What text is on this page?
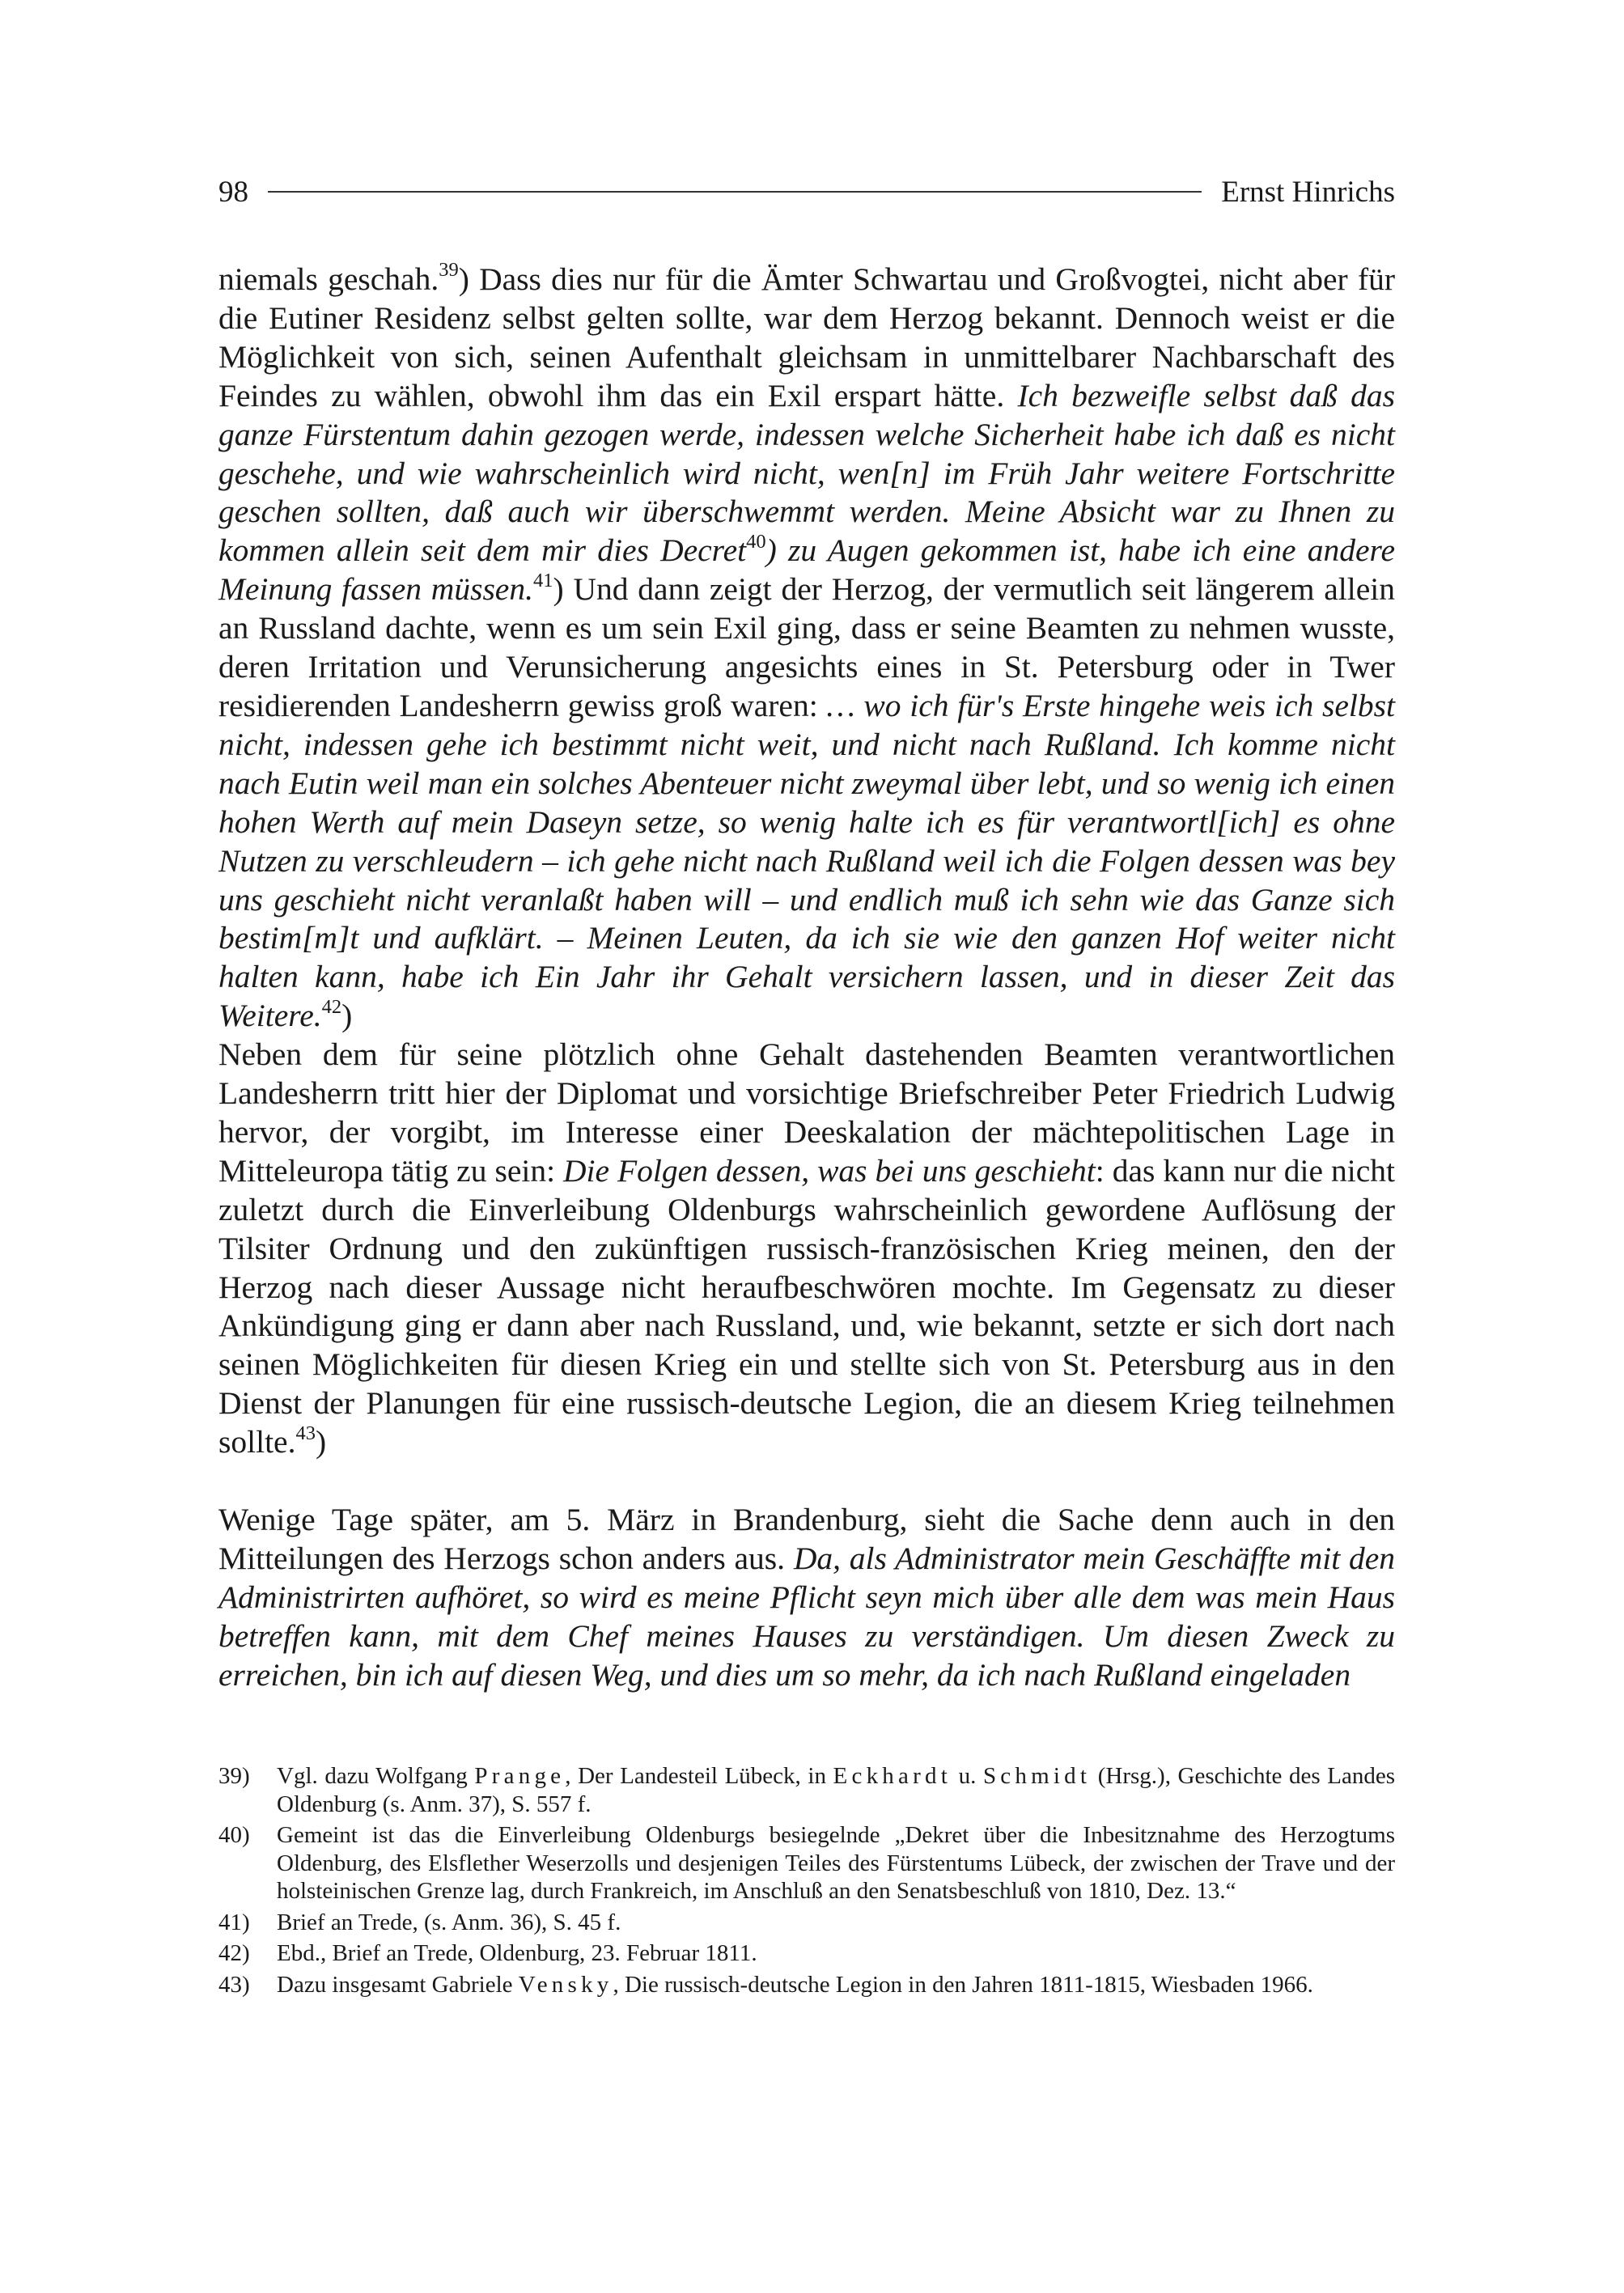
98	Ernst Hinrichs

niemals geschah.$^{39}$) Dass dies nur für die Ämter Schwartau und Großvogtei, nicht aber für die Eutiner Residenz selbst gelten sollte, war dem Herzog bekannt. Dennoch weist er die Möglichkeit von sich, seinen Aufenthalt gleichsam in unmittelbarer Nachbarschaft des Feindes zu wählen, obwohl ihm das ein Exil erspart hätte. Ich bezweifle selbst daß das ganze Fürstentum dahin gezogen werde, indessen welche Sicherheit habe ich daß es nicht geschehe, und wie wahrscheinlich wird nicht, wen[n] im Früh Jahr weitere Fortschritte geschen sollten, daß auch wir überschwemmt werden. Meine Absicht war zu Ihnen zu kommen allein seit dem mir dies Decret$^{40}$) zu Augen gekommen ist, habe ich eine andere Meinung fassen müssen.$^{41}$) Und dann zeigt der Herzog, der vermutlich seit längerem allein an Russland dachte, wenn es um sein Exil ging, dass er seine Beamten zu nehmen wusste, deren Irritation und Verunsicherung angesichts eines in St. Petersburg oder in Twer residierenden Landesherrn gewiss groß waren: … wo ich für's Erste hingehe weis ich selbst nicht, indessen gehe ich bestimmt nicht weit, und nicht nach Rußland. Ich komme nicht nach Eutin weil man ein solches Abenteuer nicht zweymal über lebt, und so wenig ich einen hohen Werth auf mein Daseyn setze, so wenig halte ich es für verantwortl[ich] es ohne Nutzen zu verschleudern – ich gehe nicht nach Rußland weil ich die Folgen dessen was bey uns geschieht nicht veranlaßt haben will – und endlich muß ich sehn wie das Ganze sich bestim[m]t und aufklärt. – Meinen Leuten, da ich sie wie den ganzen Hof weiter nicht halten kann, habe ich Ein Jahr ihr Gehalt versichern lassen, und in dieser Zeit das Weitere.$^{42}$)

Neben dem für seine plötzlich ohne Gehalt dastehenden Beamten verantwortlichen Landesherrn tritt hier der Diplomat und vorsichtige Briefschreiber Peter Friedrich Ludwig hervor, der vorgibt, im Interesse einer Deeskalation der mächtepolitischen Lage in Mitteleuropa tätig zu sein: Die Folgen dessen, was bei uns geschieht: das kann nur die nicht zuletzt durch die Einverleibung Oldenburgs wahrscheinlich gewordene Auflösung der Tilsiter Ordnung und den zukünftigen russisch-französischen Krieg meinen, den der Herzog nach dieser Aussage nicht heraufbeschwören mochte. Im Gegensatz zu dieser Ankündigung ging er dann aber nach Russland, und, wie bekannt, setzte er sich dort nach seinen Möglichkeiten für diesen Krieg ein und stellte sich von St. Petersburg aus in den Dienst der Planungen für eine russisch-deutsche Legion, die an diesem Krieg teilnehmen sollte.$^{43}$)

Wenige Tage später, am 5. März in Brandenburg, sieht die Sache denn auch in den Mitteilungen des Herzogs schon anders aus. Da, als Administrator mein Geschäffte mit den Administrirten aufhöret, so wird es meine Pflicht seyn mich über alle dem was mein Haus betreffen kann, mit dem Chef meines Hauses zu verständigen. Um diesen Zweck zu erreichen, bin ich auf diesen Weg, und dies um so mehr, da ich nach Rußland eingeladen

39)	Vgl. dazu Wolfgang Prange, Der Landesteil Lübeck, in Eckhardt u. Schmidt (Hrsg.), Geschichte des Landes Oldenburg (s. Anm. 37), S. 557 f.
40)	Gemeint ist das die Einverleibung Oldenburgs besiegelnde „Dekret über die Inbesitznahme des Herzogtums Oldenburg, des Elsflether Weserzolls und desjenigen Teiles des Fürstentums Lübeck, der zwischen der Trave und der holsteinischen Grenze lag, durch Frankreich, im Anschluß an den Senatsbeschluß von 1810, Dez. 13.“
41)	Brief an Trede, (s. Anm. 36), S. 45 f.
42)	Ebd., Brief an Trede, Oldenburg, 23. Februar 1811.
43)	Dazu insgesamt Gabriele Vensky, Die russisch-deutsche Legion in den Jahren 1811-1815, Wiesbaden 1966.
